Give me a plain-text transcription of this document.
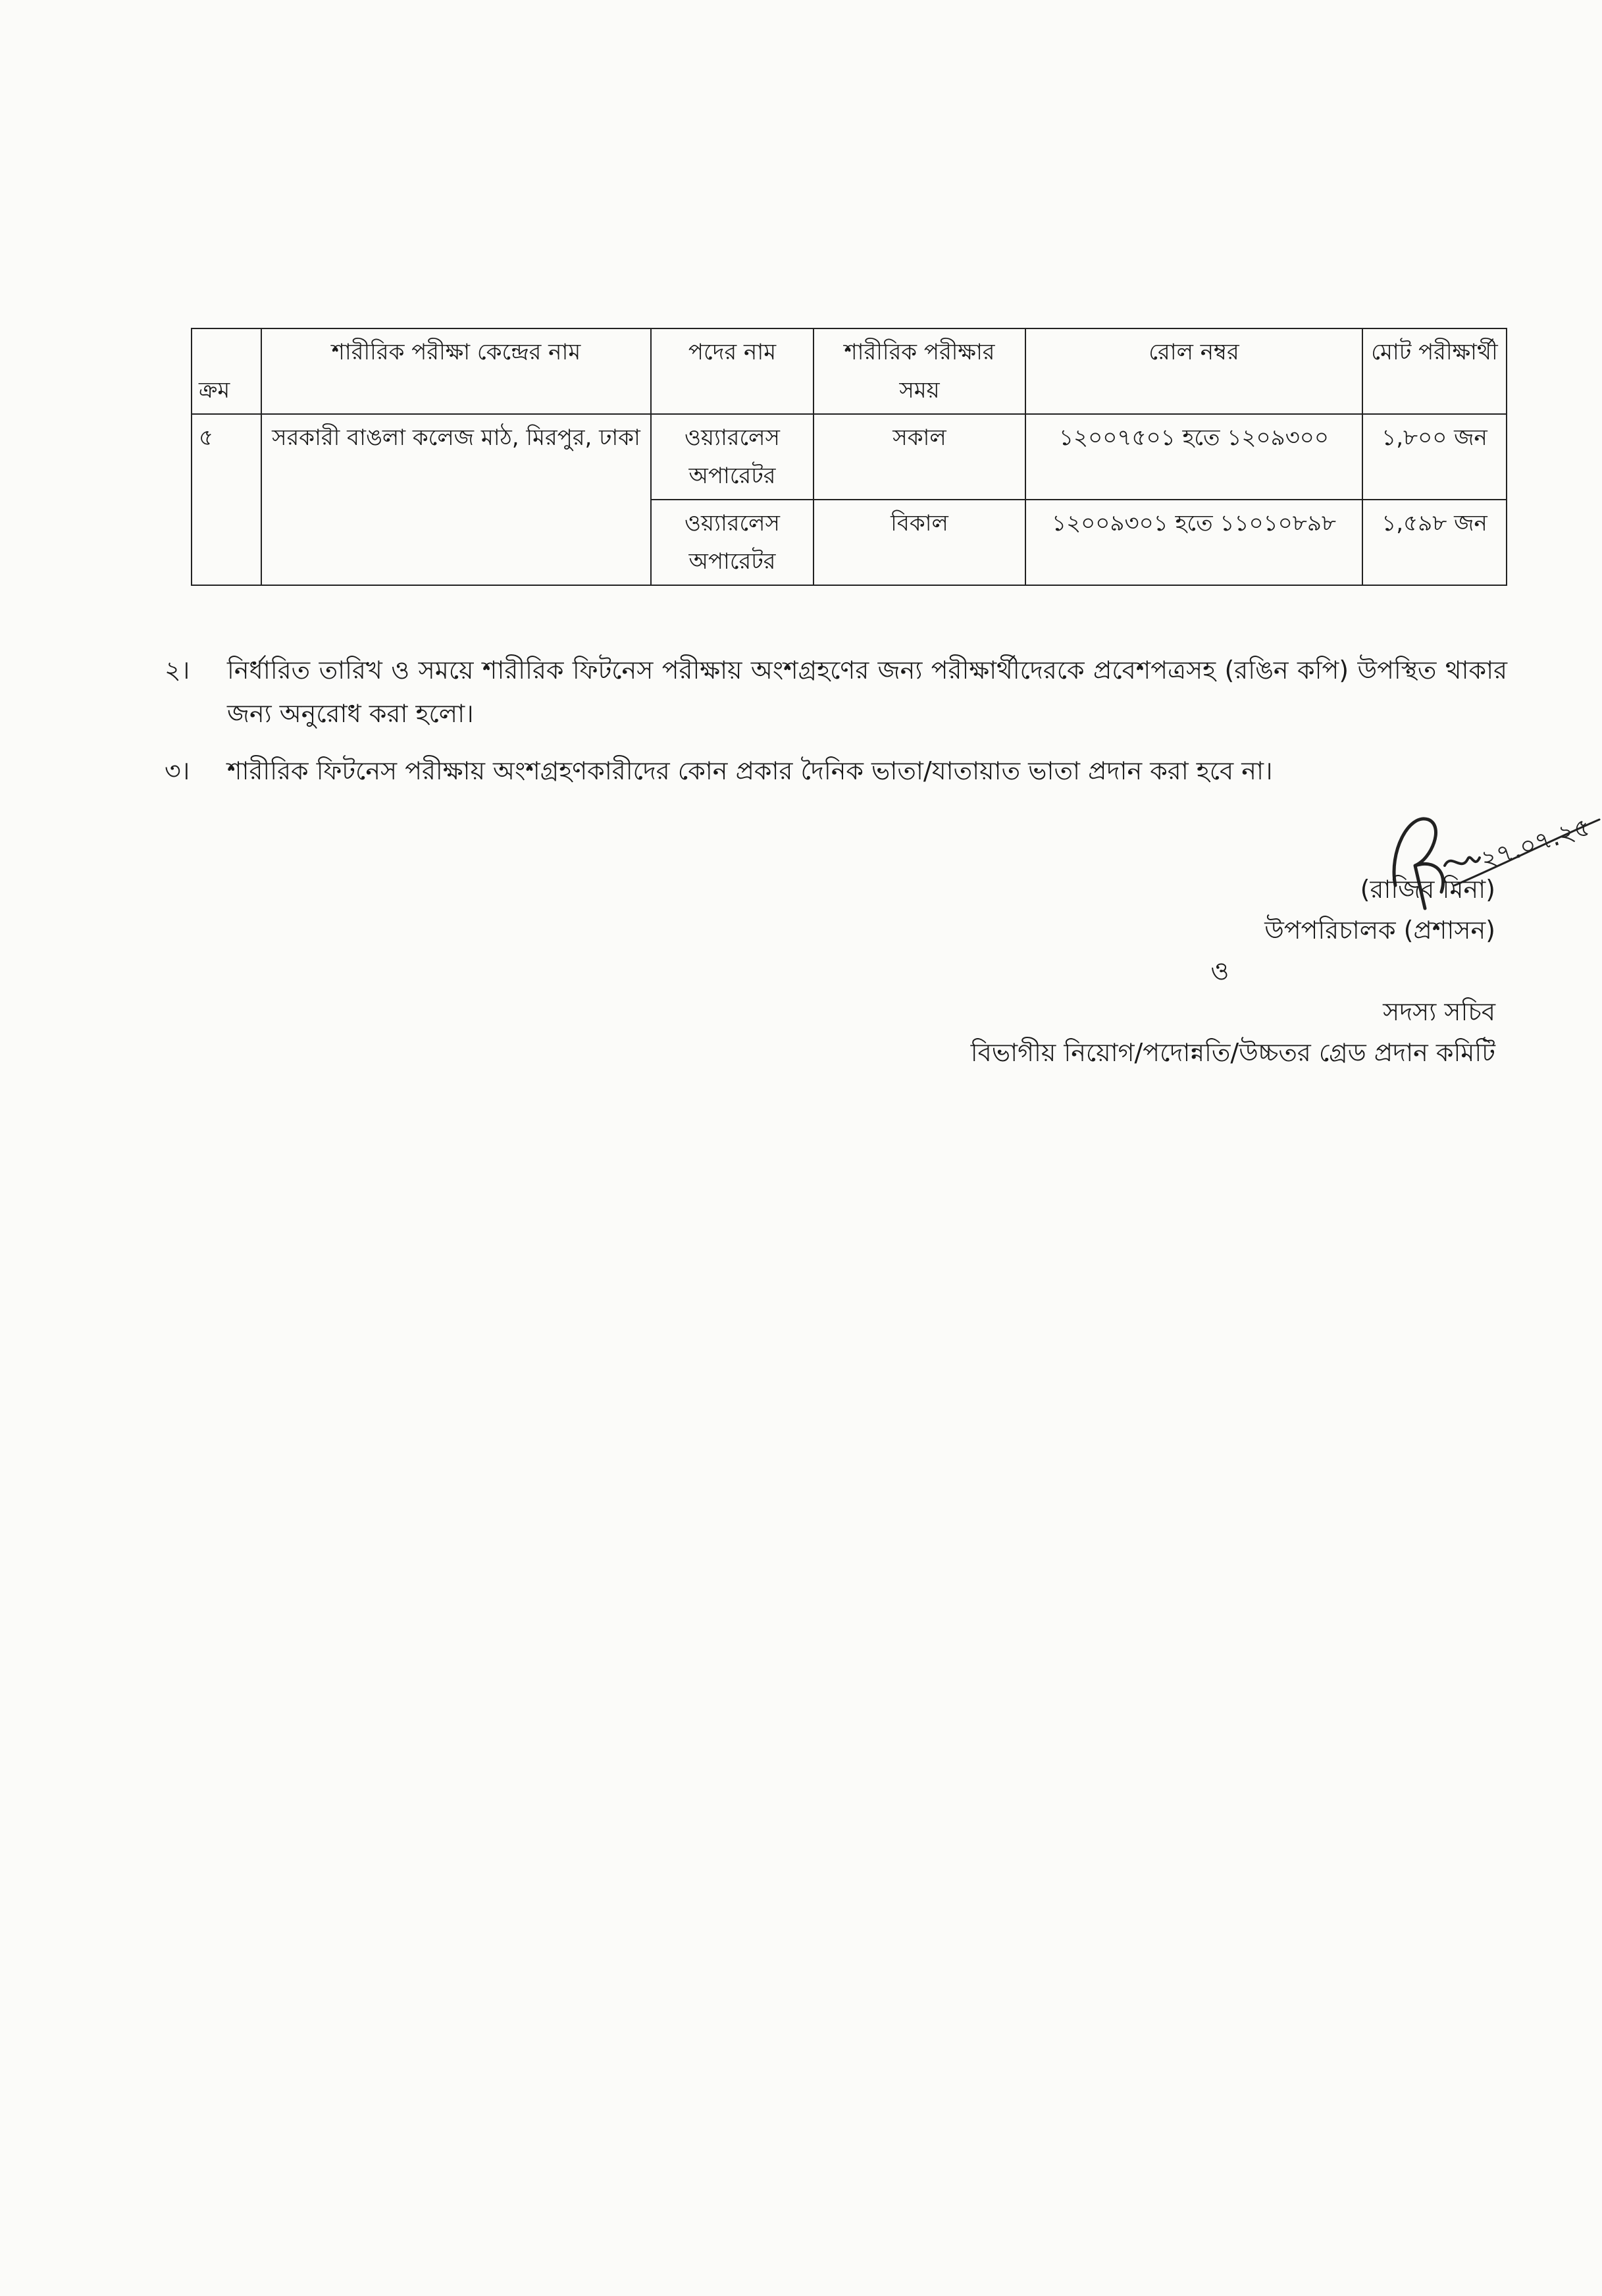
ক্রম	শারীরিক পরীক্ষা কেন্দ্রের নাম	পদের নাম	শারীরিক পরীক্ষার সময়	রোল নম্বর	মোট পরীক্ষার্থী
৫	সরকারী বাঙলা কলেজ মাঠ, মিরপুর, ঢাকা	ওয়্যারলেস অপারেটর	সকাল	১২০০৭৫০১ হতে ১২০৯৩০০	১,৮০০ জন
		ওয়্যারলেস অপারেটর	বিকাল	১২০০৯৩০১ হতে ১১০১০৮৯৮	১,৫৯৮ জন
২। নির্ধারিত তারিখ ও সময়ে শারীরিক ফিটনেস পরীক্ষায় অংশগ্রহণের জন্য পরীক্ষার্থীদেরকে প্রবেশপত্রসহ (রঙিন কপি) উপস্থিত থাকার জন্য অনুরোধ করা হলো।
৩। শারীরিক ফিটনেস পরীক্ষায় অংশগ্রহণকারীদের কোন প্রকার দৈনিক ভাতা/যাতায়াত ভাতা প্রদান করা হবে না।
২৭.০৭.২৫
(রাজিব মিনা)
উপপরিচালক (প্রশাসন)
ও
সদস্য সচিব
বিভাগীয় নিয়োগ/পদোন্নতি/উচ্চতর গ্রেড প্রদান কমিটি
